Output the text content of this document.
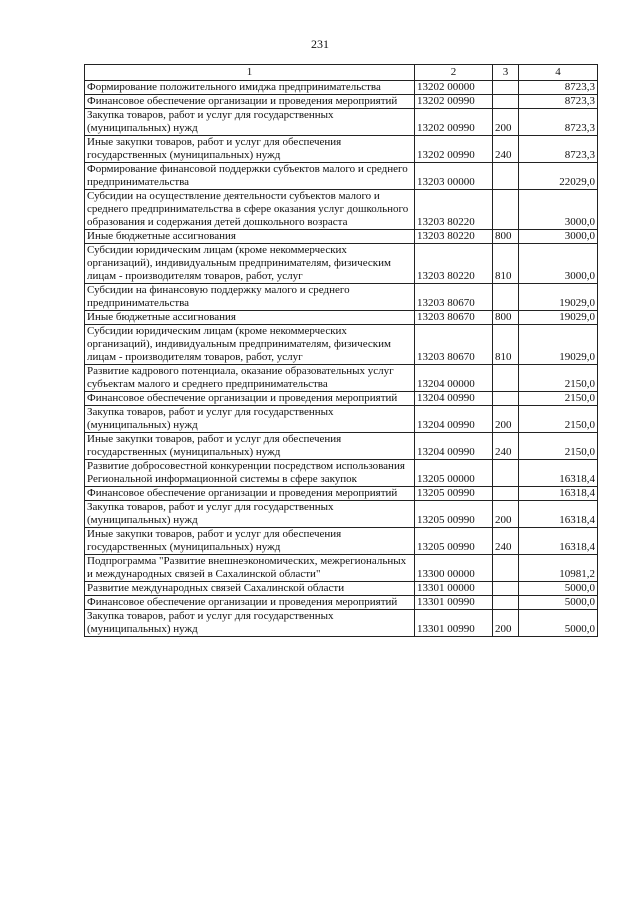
231
1	2	3	4
Формирование положительного имиджа предпринимательства	13202 00000		8723,3
Финансовое обеспечение организации и проведения мероприятий	13202 00990		8723,3
Закупка товаров, работ и услуг для государственных (муниципальных) нужд	13202 00990	200	8723,3
Иные закупки товаров, работ и услуг для обеспечения государственных (муниципальных) нужд	13202 00990	240	8723,3
Формирование финансовой поддержки субъектов малого и среднего предпринимательства	13203 00000		22029,0
Субсидии на осуществление деятельности субъектов малого и среднего предпринимательства в сфере оказания услуг дошкольного образования и содержания детей дошкольного возраста	13203 80220		3000,0
Иные бюджетные ассигнования	13203 80220	800	3000,0
Субсидии юридическим лицам (кроме некоммерческих организаций), индивидуальным предпринимателям, физическим лицам - производителям товаров, работ, услуг	13203 80220	810	3000,0
Субсидии на финансовую поддержку малого и среднего предпринимательства	13203 80670		19029,0
Иные бюджетные ассигнования	13203 80670	800	19029,0
Субсидии юридическим лицам (кроме некоммерческих организаций), индивидуальным предпринимателям, физическим лицам - производителям товаров, работ, услуг	13203 80670	810	19029,0
Развитие кадрового потенциала, оказание образовательных услуг субъектам малого и среднего предпринимательства	13204 00000		2150,0
Финансовое обеспечение организации и проведения мероприятий	13204 00990		2150,0
Закупка товаров, работ и услуг для государственных (муниципальных) нужд	13204 00990	200	2150,0
Иные закупки товаров, работ и услуг для обеспечения государственных (муниципальных) нужд	13204 00990	240	2150,0
Развитие добросовестной конкуренции посредством использования Региональной информационной системы в сфере закупок	13205 00000		16318,4
Финансовое обеспечение организации и проведения мероприятий	13205 00990		16318,4
Закупка товаров, работ и услуг для государственных (муниципальных) нужд	13205 00990	200	16318,4
Иные закупки товаров, работ и услуг для обеспечения государственных (муниципальных) нужд	13205 00990	240	16318,4
Подпрограмма "Развитие внешнеэкономических, межрегиональных и международных связей в Сахалинской области"	13300 00000		10981,2
Развитие международных связей Сахалинской области	13301 00000		5000,0
Финансовое обеспечение организации и проведения мероприятий	13301 00990		5000,0
Закупка товаров, работ и услуг для государственных (муниципальных) нужд	13301 00990	200	5000,0
